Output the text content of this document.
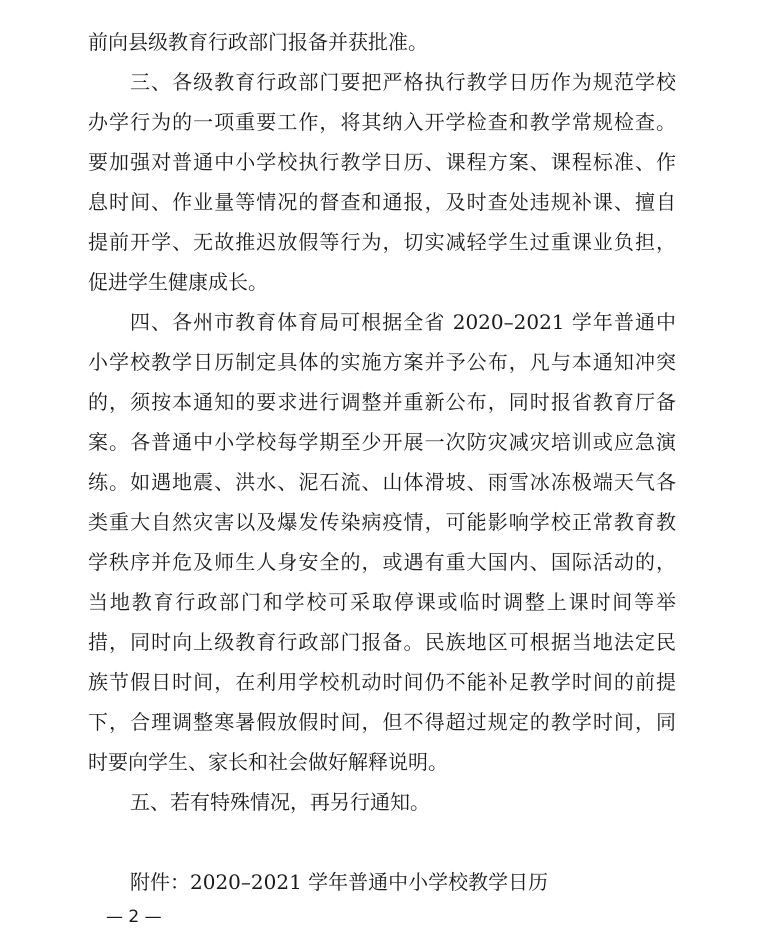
前向县级教育行政部门报备并获批准。
三、各级教育行政部门要把严格执行教学日历作为规范学校
办学行为的一项重要工作，将其纳入开学检查和教学常规检查。
要加强对普通中小学校执行教学日历、课程方案、课程标准、作
息时间、作业量等情况的督查和通报，及时查处违规补课、擅自
提前开学、无故推迟放假等行为，切实减轻学生过重课业负担，
促进学生健康成长。
四、各州市教育体育局可根据全省 2020–2021 学年普通中
小学校教学日历制定具体的实施方案并予公布，凡与本通知冲突
的，须按本通知的要求进行调整并重新公布，同时报省教育厅备
案。各普通中小学校每学期至少开展一次防灾减灾培训或应急演
练。如遇地震、洪水、泥石流、山体滑坡、雨雪冰冻极端天气各
类重大自然灾害以及爆发传染病疫情，可能影响学校正常教育教
学秩序并危及师生人身安全的，或遇有重大国内、国际活动的，
当地教育行政部门和学校可采取停课或临时调整上课时间等举
措，同时向上级教育行政部门报备。民族地区可根据当地法定民
族节假日时间，在利用学校机动时间仍不能补足教学时间的前提
下，合理调整寒暑假放假时间，但不得超过规定的教学时间，同
时要向学生、家长和社会做好解释说明。
五、若有特殊情况，再另行通知。
附件：2020–2021 学年普通中小学校教学日历
— 2 —
